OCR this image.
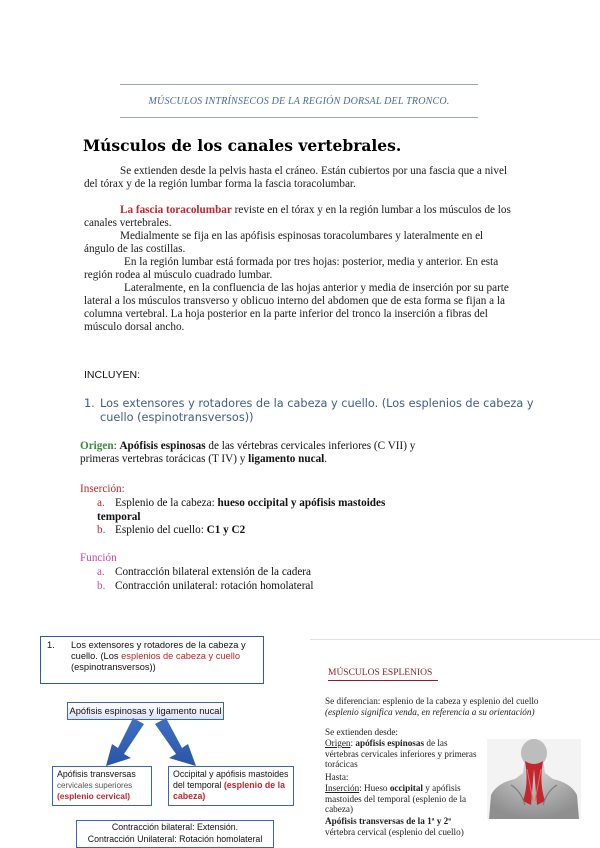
MÚSCULOS INTRÍNSECOS DE LA REGIÓN DORSAL DEL TRONCO.
Músculos de los canales vertebrales.

Se extienden desde la pelvis hasta el cráneo. Están cubiertos por una fascia que a nivel del tórax y de la región lumbar forma la fascia toracolumbar.

La fascia toracolumbar reviste en el tórax y en la región lumbar a los músculos de los canales vertebrales.

Medialmente se fija en las apófisis espinosas toracolumbares y lateralmente en el ángulo de las costillas.

En la región lumbar está formada por tres hojas: posterior, media y anterior. En esta región rodea al músculo cuadrado lumbar.

Lateralmente, en la confluencia de las hojas anterior y media de inserción por su parte lateral a los músculos transverso y oblicuo interno del abdomen que de esta forma se fijan a la columna vertebral. La hoja posterior en la parte inferior del tronco la inserción a fibras del músculo dorsal ancho.

INCLUYEN:
1. Los extensores y rotadores de la cabeza y cuello. (Los esplenios de cabeza y cuello (espinotransversos))
Origen: Apófisis espinosas de las vértebras cervicales inferiores (C VII) y primeras vertebras torácicas (T IV) y ligamento nucal.
Inserción:
a. Esplenio de la cabeza: hueso occipital y apófisis mastoides temporal
b. Esplenio del cuello: C1 y C2
Función
a. Contracción bilateral extensión de la cadera
b. Contracción unilateral: rotación homolateral
1. Los extensores y rotadores de la cabeza y
cuello. (Los esplenios de cabeza y cuello
(espinotransversos))
Apófisis espinosas y ligamento nucal
Apófisis transversas
cervicales superiores
(esplenio cervical)
Occipital y apófisis mastoides
del temporal (esplenio de la cabeza)
Contracción bilateral: Extensión.
Contracción Unilateral: Rotación homolateral
MÚSCULOS ESPLENIOS
Se diferencian: esplenio de la cabeza y esplenio del cuello
(esplenio significa venda, en referencia a su orientación)
Se extienden desde:
Origen: apófisis espinosas de las vértebras cervicales inferiores y primeras torácicas
Hasta:
Inserción: Hueso occipital y apófisis mastoides del temporal (esplenio de la cabeza)
Apófisis transversas de la 1ª y 2ª
vértebra cervical (esplenio del cuello)
